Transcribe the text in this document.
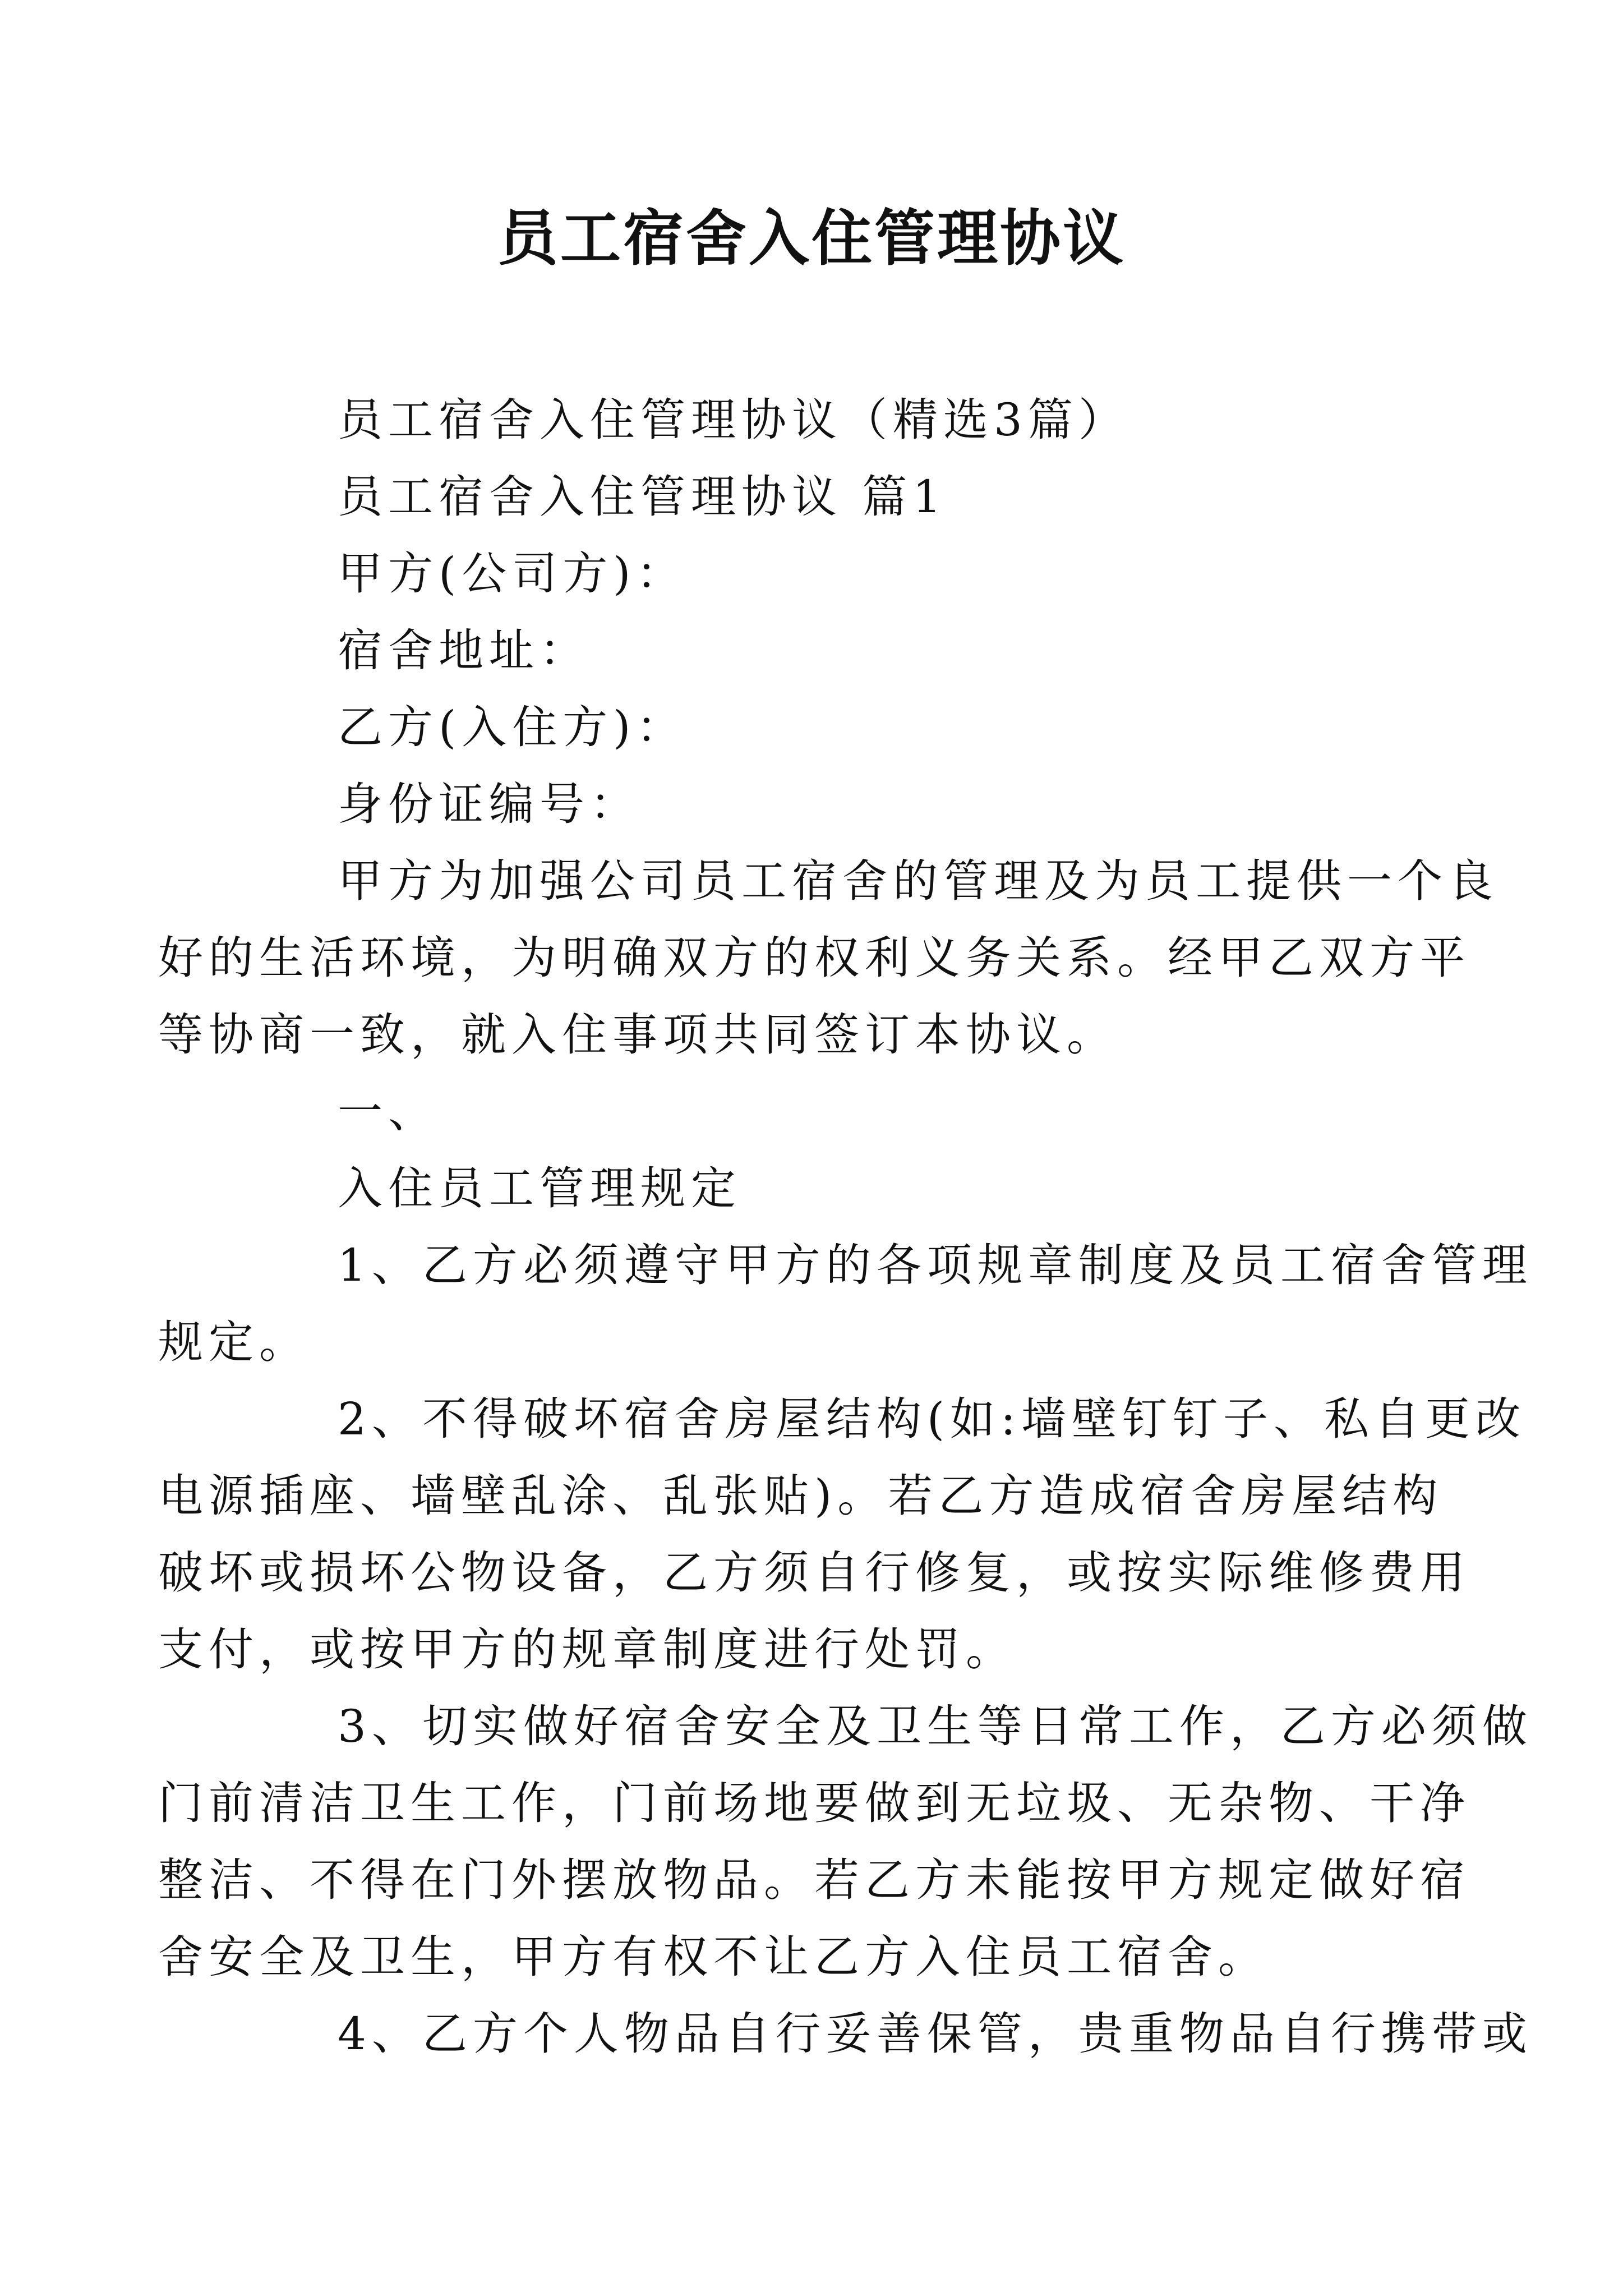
员工宿舍入住管理协议

员工宿舍入住管理协议（精选3篇）

员工宿舍入住管理协议 篇1

甲方(公司方)：

宿舍地址：

乙方(入住方)：

身份证编号：

甲方为加强公司员工宿舍的管理及为员工提供一个良
好的生活环境，为明确双方的权利义务关系。经甲乙双方平
等协商一致，就入住事项共同签订本协议。

一、

入住员工管理规定

1、乙方必须遵守甲方的各项规章制度及员工宿舍管理
规定。

2、不得破坏宿舍房屋结构(如:墙壁钉钉子、私自更改
电源插座、墙壁乱涂、乱张贴)。若乙方造成宿舍房屋结构
破坏或损坏公物设备，乙方须自行修复，或按实际维修费用
支付，或按甲方的规章制度进行处罚。

3、切实做好宿舍安全及卫生等日常工作，乙方必须做
门前清洁卫生工作，门前场地要做到无垃圾、无杂物、干净
整洁、不得在门外摆放物品。若乙方未能按甲方规定做好宿
舍安全及卫生，甲方有权不让乙方入住员工宿舍。

4、乙方个人物品自行妥善保管，贵重物品自行携带或
